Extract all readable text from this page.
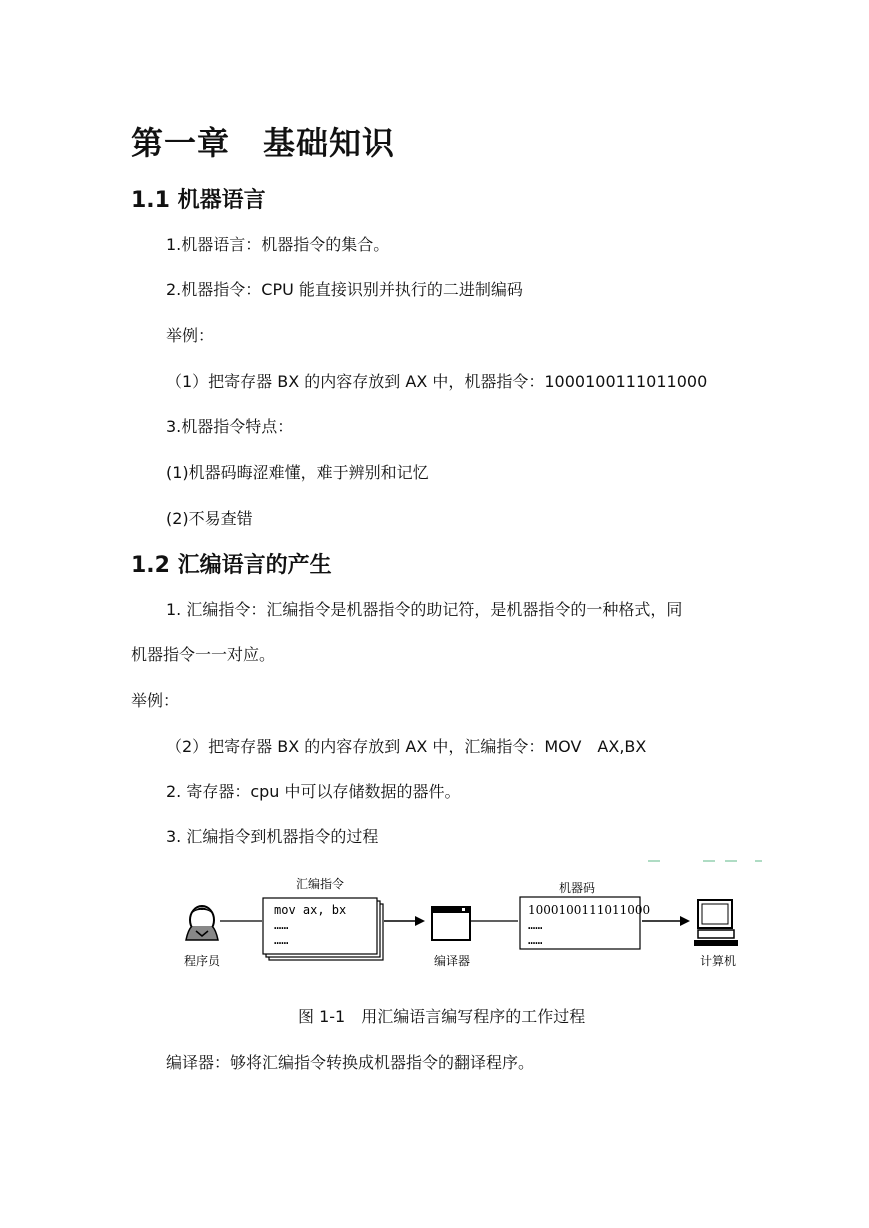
第一章　基础知识
1.1 机器语言
1.机器语言：机器指令的集合。
2.机器指令：CPU 能直接识别并执行的二进制编码
举例：
（1）把寄存器 BX 的内容存放到 AX 中，机器指令：1000100111011000
3.机器指令特点：
(1)机器码晦涩难懂，难于辨别和记忆
(2)不易查错
1.2 汇编语言的产生
1. 汇编指令：汇编指令是机器指令的助记符，是机器指令的一种格式，同
机器指令一一对应。
举例：
（2）把寄存器 BX 的内容存放到 AX 中，汇编指令：MOV　AX,BX
2. 寄存器：cpu 中可以存储数据的器件。
3. 汇编指令到机器指令的过程
程序员
汇编指令
mov ax, bx
……
……
编译器
机器码
1000100111011000
……
……
计算机
图 1-1　用汇编语言编写程序的工作过程
编译器：够将汇编指令转换成机器指令的翻译程序。
